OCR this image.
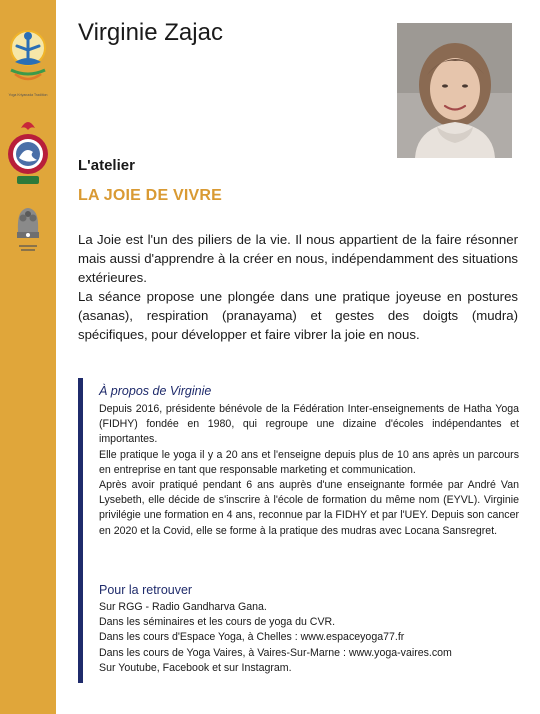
Yoga Kriyanada Tradition
Virginie Zajac
L'atelier
LA JOIE DE VIVRE

La Joie est l'un des piliers de la vie. Il nous appartient de la faire résonner mais aussi d'apprendre à la créer en nous, indépendamment des situations extérieures.

La séance propose une plongée dans une pratique joyeuse en postures (asanas), respiration (pranayama) et gestes des doigts (mudra) spécifiques, pour développer et faire vibrer la joie en nous.

À propos de Virginie

Depuis 2016, présidente bénévole de la Fédération Inter-enseignements de Hatha Yoga (FIDHY) fondée en 1980, qui regroupe une dizaine d'écoles indépendantes et importantes.

Elle pratique le yoga il y a 20 ans et l'enseigne depuis plus de 10 ans après un parcours en entreprise en tant que responsable marketing et communication.

Après avoir pratiqué pendant 6 ans auprès d'une enseignante formée par André Van Lysebeth, elle décide de s'inscrire à l'école de formation du même nom (EYVL). Virginie privilégie une formation en 4 ans, reconnue par la FIDHY et par l'UEY. Depuis son cancer en 2020 et la Covid, elle se forme à la pratique des mudras avec Locana Sansregret.

Pour la retrouver
Sur RGG - Radio Gandharva Gana.
Dans les séminaires et les cours de yoga du CVR.
Dans les cours d'Espace Yoga, à Chelles : www.espaceyoga77.fr
Dans les cours de Yoga Vaires, à Vaires-Sur-Marne : www.yoga-vaires.com
Sur Youtube, Facebook et sur Instagram.
